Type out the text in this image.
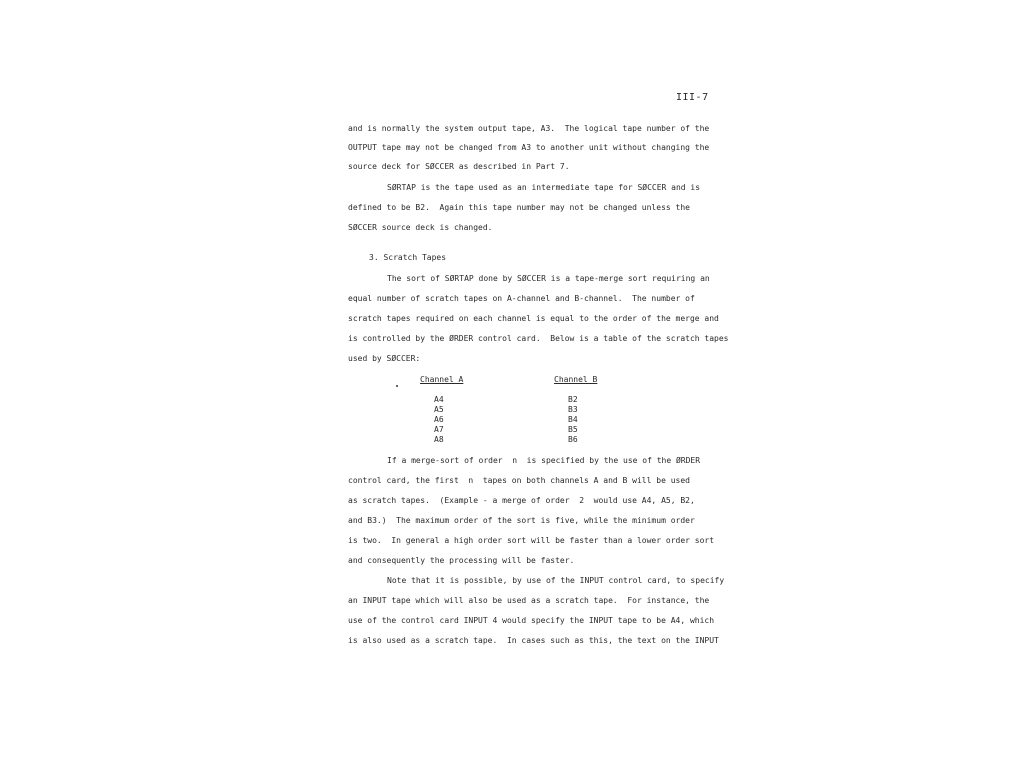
III-7
and is normally the system output tape, A3.  The logical tape number of the
OUTPUT tape may not be changed from A3 to another unit without changing the
source deck for SØCCER as described in Part 7.
SØRTAP is the tape used as an intermediate tape for SØCCER and is
defined to be B2.  Again this tape number may not be changed unless the
SØCCER source deck is changed.
3. Scratch Tapes
The sort of SØRTAP done by SØCCER is a tape-merge sort requiring an
equal number of scratch tapes on A-channel and B-channel.  The number of
scratch tapes required on each channel is equal to the order of the merge and
is controlled by the ØRDER control card.  Below is a table of the scratch tapes
used by SØCCER:
Channel A	Channel B
A4
A5
A6
A7
A8
B2
B3
B4
B5
B6
If a merge-sort of order  n  is specified by the use of the ØRDER
control card, the first  n  tapes on both channels A and B will be used
as scratch tapes.  (Example - a merge of order  2  would use A4, A5, B2,
and B3.)  The maximum order of the sort is five, while the minimum order
is two.  In general a high order sort will be faster than a lower order sort
and consequently the processing will be faster.
Note that it is possible, by use of the INPUT control card, to specify
an INPUT tape which will also be used as a scratch tape.  For instance, the
use of the control card INPUT 4 would specify the INPUT tape to be A4, which
is also used as a scratch tape.  In cases such as this, the text on the INPUT
